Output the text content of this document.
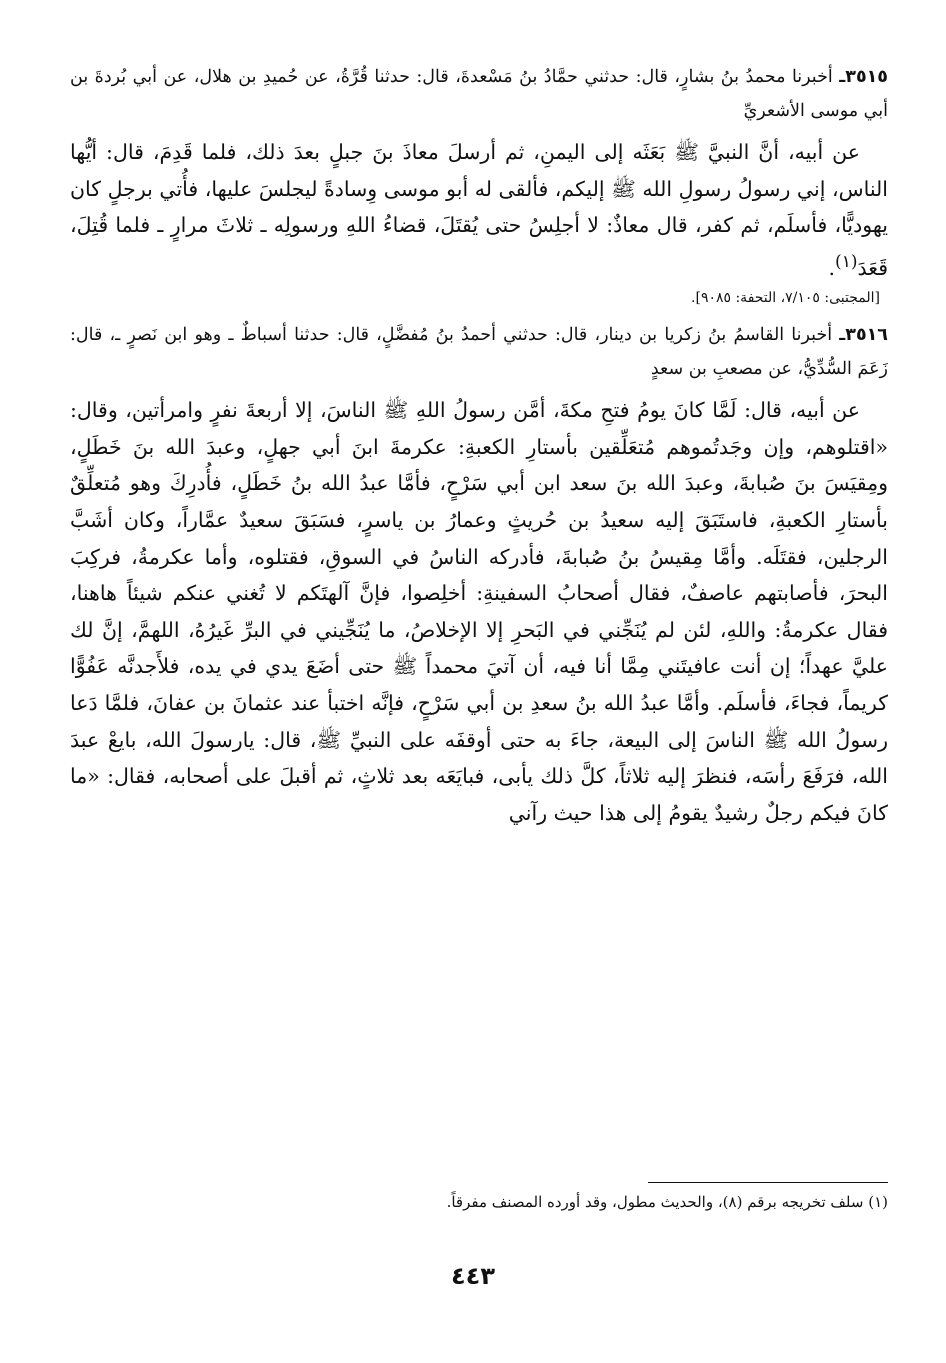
٣٥١٥ـ أخبرنا محمدُ بنُ بشارٍ، قال: حدثني حمَّادُ بنُ مَسْعدةَ، قال: حدثنا قُرَّةُ، عن حُميدِ بن هلال، عن أبي بُردةَ بن أبي موسى الأشعريِّ

عن أبيه، أنَّ النبيَّ ﷺ بَعَثَه إلى اليمنِ، ثم أرسلَ معاذَ بنَ جبلٍ بعدَ ذلك، فلما قَدِمَ، قال: أيُّها الناس، إني رسولُ رسولِ الله ﷺ إليكم، فألقى له أبو موسى وِسادةً ليجلسَ عليها، فأُتي برجلٍ كان يهوديًّا، فأسلَم، ثم كفر، قال معاذٌ: لا أجلِسُ حتى يُقتَلَ، قضاءُ اللهِ ورسولِه ـ ثلاثَ مرارٍ ـ فلما قُتِلَ، قَعَدَ$^{(١)}$.

[المجتبى: ٧/١٠٥، التحفة: ٩٠٨٥].

٣٥١٦ـ أخبرنا القاسمُ بنُ زكريا بن دينار، قال: حدثني أحمدُ بنُ مُفضَّلٍ، قال: حدثنا أسباطٌ ـ وهو ابن نَصرٍ ـ، قال: زَعَمَ السُّدِّيُّ، عن مصعبِ بن سعدٍ

عن أبيه، قال: لَمَّا كانَ يومُ فتحِ مكةَ، أمَّن رسولُ اللهِ ﷺ الناسَ، إلا أربعةَ نفرٍ وامرأتين، وقال: «اقتلوهم، وإن وجَدتُموهم مُتعَلِّقين بأستارِ الكعبةِ: عكرمةَ ابنَ أبي جهلٍ، وعبدَ الله بنَ خَطَلٍ، ومِقيَسَ بنَ صُبابةَ، وعبدَ الله بنَ سعد ابن أبي سَرْحٍ، فأمَّا عبدُ الله بنُ خَطَلٍ، فأُدرِكَ وهو مُتعلِّقٌ بأستارِ الكعبةِ، فاستَبَقَ إليه سعيدُ بن حُريثٍ وعمارُ بن ياسرٍ، فسَبَقَ سعيدٌ عمَّاراً، وكان أشَبَّ الرجلين، فقتَلَه. وأمَّا مِقيسُ بنُ صُبابةَ، فأدركه الناسُ في السوقِ، فقتلوه، وأما عكرمةُ، فركِبَ البحرَ، فأصابتهم عاصفٌ، فقال أصحابُ السفينةِ: أخلِصوا، فإنَّ آلهتَكم لا تُغني عنكم شيئاً هاهنا، فقال عكرمةُ: واللهِ، لئن لم يُنَجِّني في البَحرِ إلا الإخلاصُ، ما يُنَجِّيني في البرِّ غَيرُهُ، اللهمَّ، إنَّ لك عليَّ عهداً؛ إن أنت عافيتَني مِمَّا أنا فيه، أن آتيَ محمداً ﷺ حتى أضَعَ يدي في يده، فلأَجدنَّه عَفُوًّا كريماً، فجاءَ، فأسلَم. وأمَّا عبدُ الله بنُ سعدِ بن أبي سَرْحٍ، فإنَّه اختبأ عند عثمانَ بن عفانَ، فلمَّا دَعا رسولُ الله ﷺ الناسَ إلى البيعة، جاءَ به حتى أوقفَه على النبيِّ ﷺ، قال: يارسولَ الله، بايعْ عبدَ الله، فرَفَعَ رأسَه، فنظرَ إليه ثلاثاً، كلَّ ذلك يأبى، فبايَعَه بعد ثلاثٍ، ثم أقبلَ على أصحابه، فقال: «ما كانَ فيكم رجلٌ رشيدٌ يقومُ إلى هذا حيث رآني

(١) سلف تخريجه برقم (٨)، والحديث مطول، وقد أورده المصنف مفرقاً.
٤٤٣
